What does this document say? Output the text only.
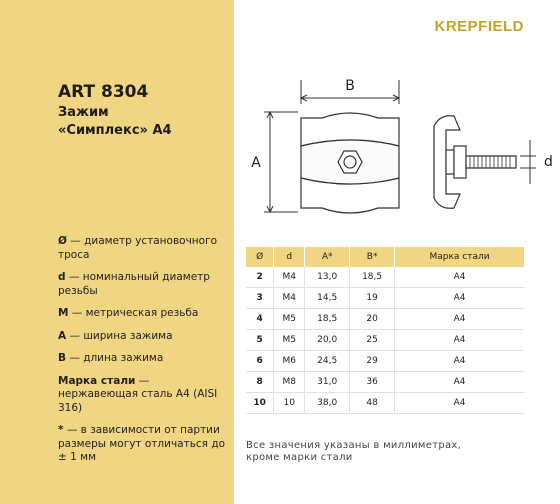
ART 8304
Зажим
«Симплекс» А4
Ø — диаметр установочного троса
d — номинальный диаметр резьбы
M — метрическая резьба
A — ширина зажима
B — длина зажима
Марка стали — нержавеющая сталь А4 (AISI 316)
* — в зависимости от партии размеры могут отличаться до ± 1 мм
KREPFIELD
B
A	d
Ø	d	A*	B*	Марка стали
2	M4	13,0	18,5	A4
3	M4	14,5	19	A4
4	M5	18,5	20	A4
5	M5	20,0	25	A4
6	M6	24,5	29	A4
8	M8	31,0	36	A4
10	10	38,0	48	A4
Все значения указаны в миллиметрах,
кроме марки стали
